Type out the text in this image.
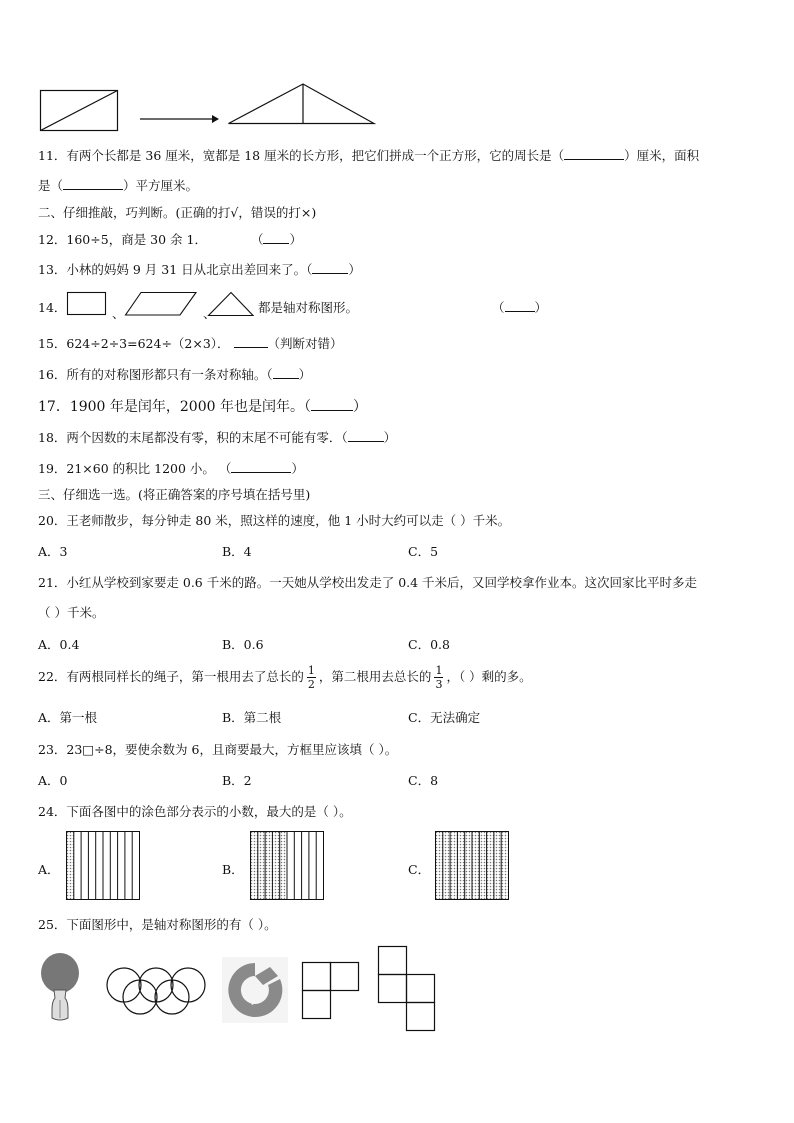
11．有两个长都是 36 厘米，宽都是 18 厘米的长方形，把它们拼成一个正方形，它的周长是（	）厘米，面积
是（	）平方厘米。
二、仔细推敲，巧判断。(正确的打√，错误的打×)
12．160÷5，商是 30 余 1．	（ ）
13．小林的妈妈 9 月 31 日从北京出差回来了。（	）
14．	、	、	都是轴对称图形。	（ ）
15．624÷2÷3=624÷（2×3）．	（判断对错）
16．所有的对称图形都只有一条对称轴。（ ）
17．1900 年是闰年，2000 年也是闰年。（	）
18．两个因数的末尾都没有零，积的末尾不可能有零．（	）
19．21×60 的积比 1200 小。 （	）
三、仔细选一选。(将正确答案的序号填在括号里)
20．王老师散步，每分钟走 80 米，照这样的速度，他 1 小时大约可以走（ ）千米。
A．3	B．4	C．5
21．小红从学校到家要走 0.6 千米的路。一天她从学校出发走了 0.4 千米后，又回学校拿作业本。这次回家比平时多走
（ ）千米。
A．0.4	B．0.6	C．0.8
22．有两根同样长的绳子，第一根用去了总长的 $\frac{1}{2}$ ，第二根用去总长的 $\frac{1}{3}$ ，（ ）剩的多。
A．第一根	B．第二根	C．无法确定
23．23□÷8，要使余数为 6，且商要最大，方框里应该填（ ）。
A．0	B．2	C．8
24．下面各图中的涂色部分表示的小数，最大的是（ ）。
A．	B．	C．
25．下面图形中，是轴对称图形的有（ ）。
